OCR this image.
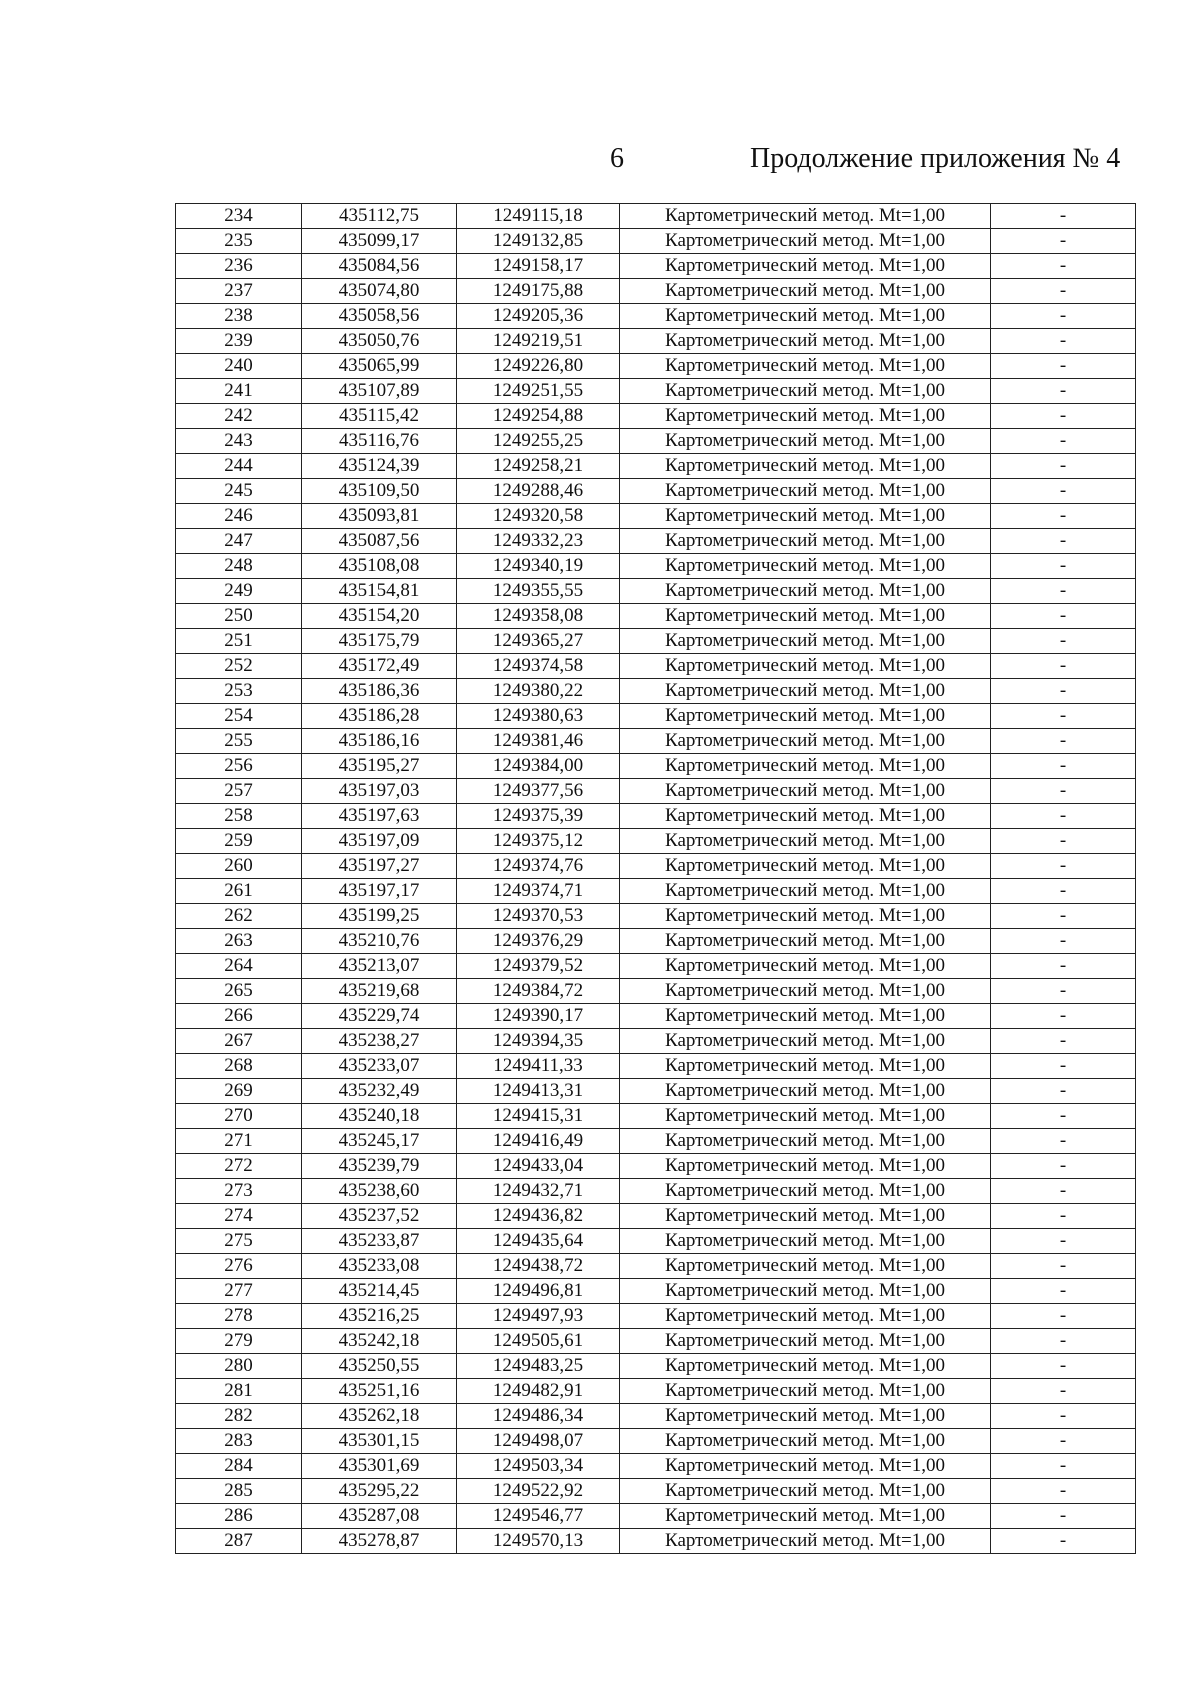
6	Продолжение приложения № 4
234	435112,75	1249115,18	Картометрический метод. Mt=1,00	-
235	435099,17	1249132,85	Картометрический метод. Mt=1,00	-
236	435084,56	1249158,17	Картометрический метод. Mt=1,00	-
237	435074,80	1249175,88	Картометрический метод. Mt=1,00	-
238	435058,56	1249205,36	Картометрический метод. Mt=1,00	-
239	435050,76	1249219,51	Картометрический метод. Mt=1,00	-
240	435065,99	1249226,80	Картометрический метод. Mt=1,00	-
241	435107,89	1249251,55	Картометрический метод. Mt=1,00	-
242	435115,42	1249254,88	Картометрический метод. Mt=1,00	-
243	435116,76	1249255,25	Картометрический метод. Mt=1,00	-
244	435124,39	1249258,21	Картометрический метод. Mt=1,00	-
245	435109,50	1249288,46	Картометрический метод. Mt=1,00	-
246	435093,81	1249320,58	Картометрический метод. Mt=1,00	-
247	435087,56	1249332,23	Картометрический метод. Mt=1,00	-
248	435108,08	1249340,19	Картометрический метод. Mt=1,00	-
249	435154,81	1249355,55	Картометрический метод. Mt=1,00	-
250	435154,20	1249358,08	Картометрический метод. Mt=1,00	-
251	435175,79	1249365,27	Картометрический метод. Mt=1,00	-
252	435172,49	1249374,58	Картометрический метод. Mt=1,00	-
253	435186,36	1249380,22	Картометрический метод. Mt=1,00	-
254	435186,28	1249380,63	Картометрический метод. Mt=1,00	-
255	435186,16	1249381,46	Картометрический метод. Mt=1,00	-
256	435195,27	1249384,00	Картометрический метод. Mt=1,00	-
257	435197,03	1249377,56	Картометрический метод. Mt=1,00	-
258	435197,63	1249375,39	Картометрический метод. Mt=1,00	-
259	435197,09	1249375,12	Картометрический метод. Mt=1,00	-
260	435197,27	1249374,76	Картометрический метод. Mt=1,00	-
261	435197,17	1249374,71	Картометрический метод. Mt=1,00	-
262	435199,25	1249370,53	Картометрический метод. Mt=1,00	-
263	435210,76	1249376,29	Картометрический метод. Mt=1,00	-
264	435213,07	1249379,52	Картометрический метод. Mt=1,00	-
265	435219,68	1249384,72	Картометрический метод. Mt=1,00	-
266	435229,74	1249390,17	Картометрический метод. Mt=1,00	-
267	435238,27	1249394,35	Картометрический метод. Mt=1,00	-
268	435233,07	1249411,33	Картометрический метод. Mt=1,00	-
269	435232,49	1249413,31	Картометрический метод. Mt=1,00	-
270	435240,18	1249415,31	Картометрический метод. Mt=1,00	-
271	435245,17	1249416,49	Картометрический метод. Mt=1,00	-
272	435239,79	1249433,04	Картометрический метод. Mt=1,00	-
273	435238,60	1249432,71	Картометрический метод. Mt=1,00	-
274	435237,52	1249436,82	Картометрический метод. Mt=1,00	-
275	435233,87	1249435,64	Картометрический метод. Mt=1,00	-
276	435233,08	1249438,72	Картометрический метод. Mt=1,00	-
277	435214,45	1249496,81	Картометрический метод. Mt=1,00	-
278	435216,25	1249497,93	Картометрический метод. Mt=1,00	-
279	435242,18	1249505,61	Картометрический метод. Mt=1,00	-
280	435250,55	1249483,25	Картометрический метод. Mt=1,00	-
281	435251,16	1249482,91	Картометрический метод. Mt=1,00	-
282	435262,18	1249486,34	Картометрический метод. Mt=1,00	-
283	435301,15	1249498,07	Картометрический метод. Mt=1,00	-
284	435301,69	1249503,34	Картометрический метод. Mt=1,00	-
285	435295,22	1249522,92	Картометрический метод. Mt=1,00	-
286	435287,08	1249546,77	Картометрический метод. Mt=1,00	-
287	435278,87	1249570,13	Картометрический метод. Mt=1,00	-
